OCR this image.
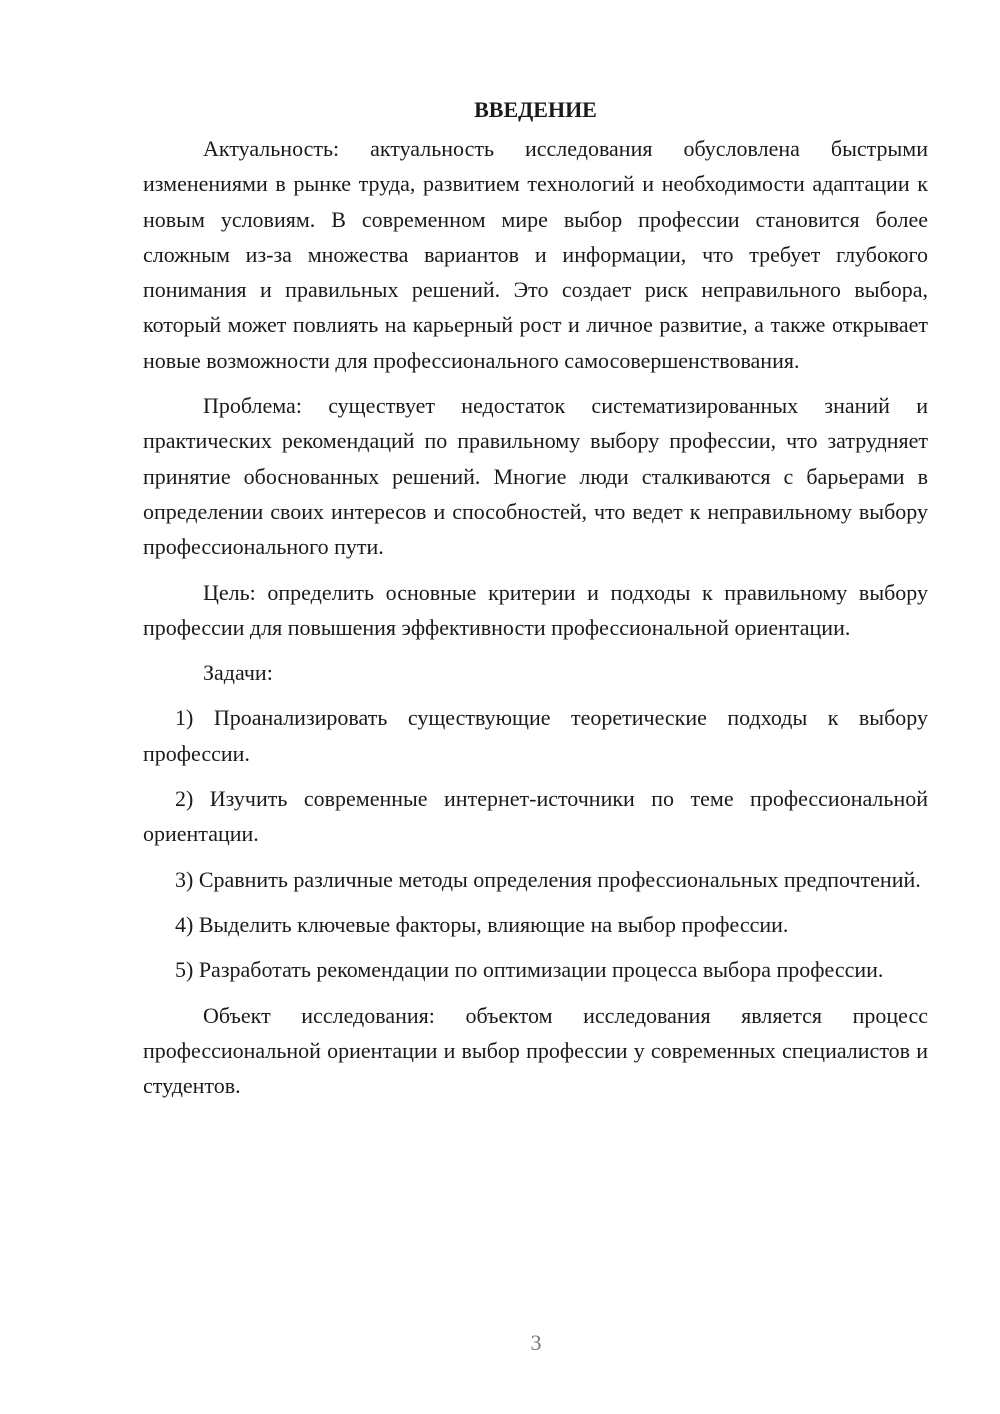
ВВЕДЕНИЕ

Актуальность: актуальность исследования обусловлена быстрыми изменениями в рынке труда, развитием технологий и необходимости адаптации к новым условиям. В современном мире выбор профессии становится более сложным из-за множества вариантов и информации, что требует глубокого понимания и правильных решений. Это создает риск неправильного выбора, который может повлиять на карьерный рост и личное развитие, а также открывает новые возможности для профессионального самосовершенствования.

Проблема: существует недостаток систематизированных знаний и практических рекомендаций по правильному выбору профессии, что затрудняет принятие обоснованных решений. Многие люди сталкиваются с барьерами в определении своих интересов и способностей, что ведет к неправильному выбору профессионального пути.

Цель: определить основные критерии и подходы к правильному выбору профессии для повышения эффективности профессиональной ориентации.

Задачи:

1) Проанализировать существующие теоретические подходы к выбору профессии.

2) Изучить современные интернет-источники по теме профессиональной ориентации.

3) Сравнить различные методы определения профессиональных предпочтений.

4) Выделить ключевые факторы, влияющие на выбор профессии.

5) Разработать рекомендации по оптимизации процесса выбора профессии.

Объект исследования: объектом исследования является процесс профессиональной ориентации и выбор профессии у современных специалистов и студентов.

3
